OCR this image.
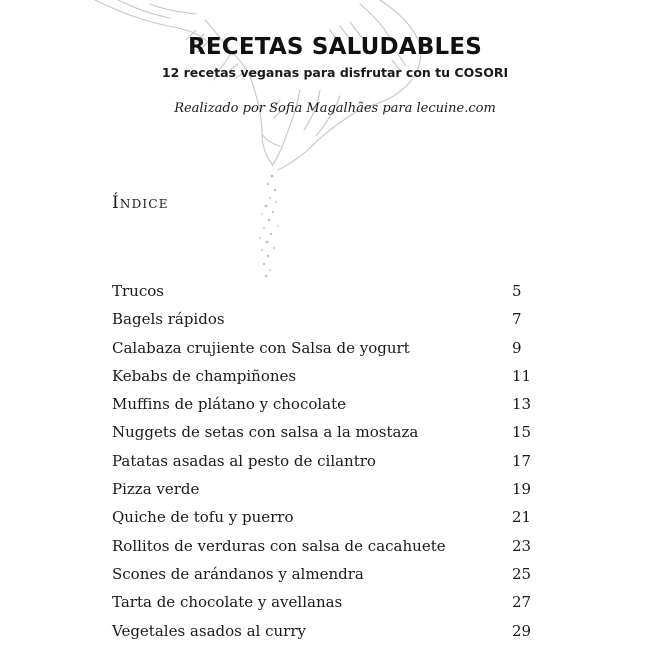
RECETAS SALUDABLES
12 recetas veganas para disfrutar con tu COSORI
Realizado por Sofia Magalhães para lecuine.com
Índice
Trucos	5
Bagels rápidos	7
Calabaza crujiente con Salsa de yogurt	9
Kebabs de champiñones	11
Muffins de plátano y chocolate	13
Nuggets de setas con salsa a la mostaza	15
Patatas asadas al pesto de cilantro	17
Pizza verde	19
Quiche de tofu y puerro	21
Rollitos de verduras con salsa de cacahuete	23
Scones de arándanos y almendra	25
Tarta de chocolate y avellanas	27
Vegetales asados al curry	29
